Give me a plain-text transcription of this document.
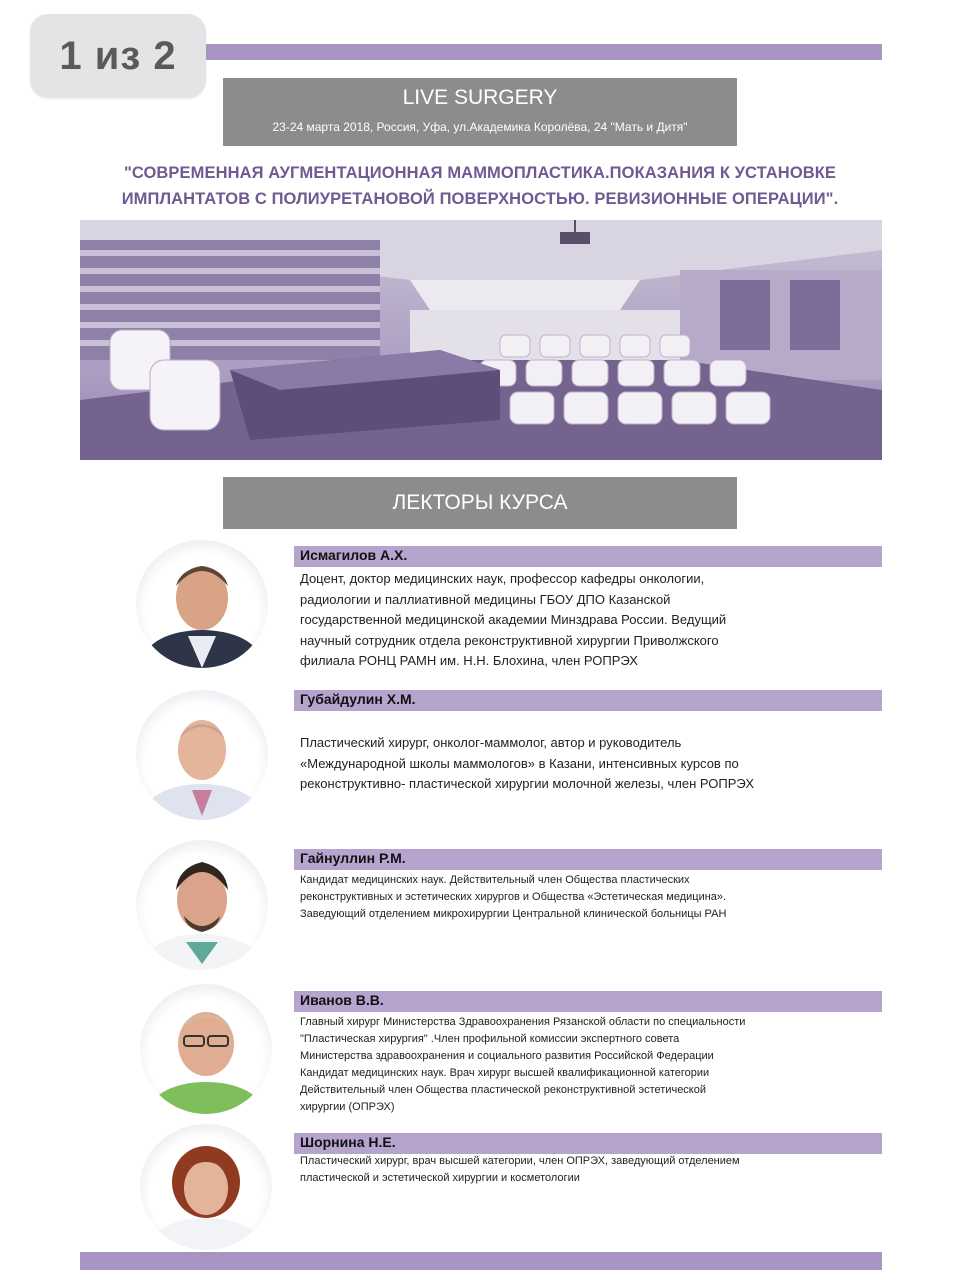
1 из 2
LIVE SURGERY
23-24 марта 2018, Россия, Уфа, ул.Академика Королёва, 24 "Мать и Дитя"
"СОВРЕМЕННАЯ АУГМЕНТАЦИОННАЯ МАММОПЛАСТИКА.ПОКАЗАНИЯ К УСТАНОВКЕ
ИМПЛАНТАТОВ С ПОЛИУРЕТАНОВОЙ ПОВЕРХНОСТЬЮ. РЕВИЗИОННЫЕ ОПЕРАЦИИ".
ЛЕКТОРЫ КУРСА
Исмагилов А.Х.
Доцент, доктор медицинских наук, профессор кафедры онкологии,
радиологии и паллиативной медицины ГБОУ ДПО Казанской
государственной медицинской академии Минздрава России. Ведущий
научный сотрудник отдела реконструктивной хирургии Приволжского
филиала РОНЦ РАМН им. Н.Н. Блохина, член РОПРЭХ
Губайдулин Х.М.
Пластический хирург, онколог-маммолог, автор и руководитель
«Международной школы маммологов» в Казани, интенсивных курсов по
реконструктивно- пластической хирургии молочной железы, член РОПРЭХ
Гайнуллин Р.М.
Кандидат медицинских наук. Действительный член Общества пластических
реконструктивных и эстетических хирургов и Общества «Эстетическая медицина».
Заведующий отделением микрохирургии Центральной клинической больницы РАН
Иванов В.В.
Главный хирург Министерства Здравоохранения Рязанской области по специальности
"Пластическая хирургия" .Член профильной комиссии экспертного совета
Министерства здравоохранения и социального развития Российской Федерации
Кандидат медицинских наук. Врач хирург высшей квалификационной категории
Действительный член Общества пластической реконструктивной эстетической
хирургии (ОПРЭХ)
Шорнина Н.Е.
Пластический хирург, врач высшей категории, член ОПРЭХ, заведующий отделением
пластической и эстетической хирургии и косметологии
